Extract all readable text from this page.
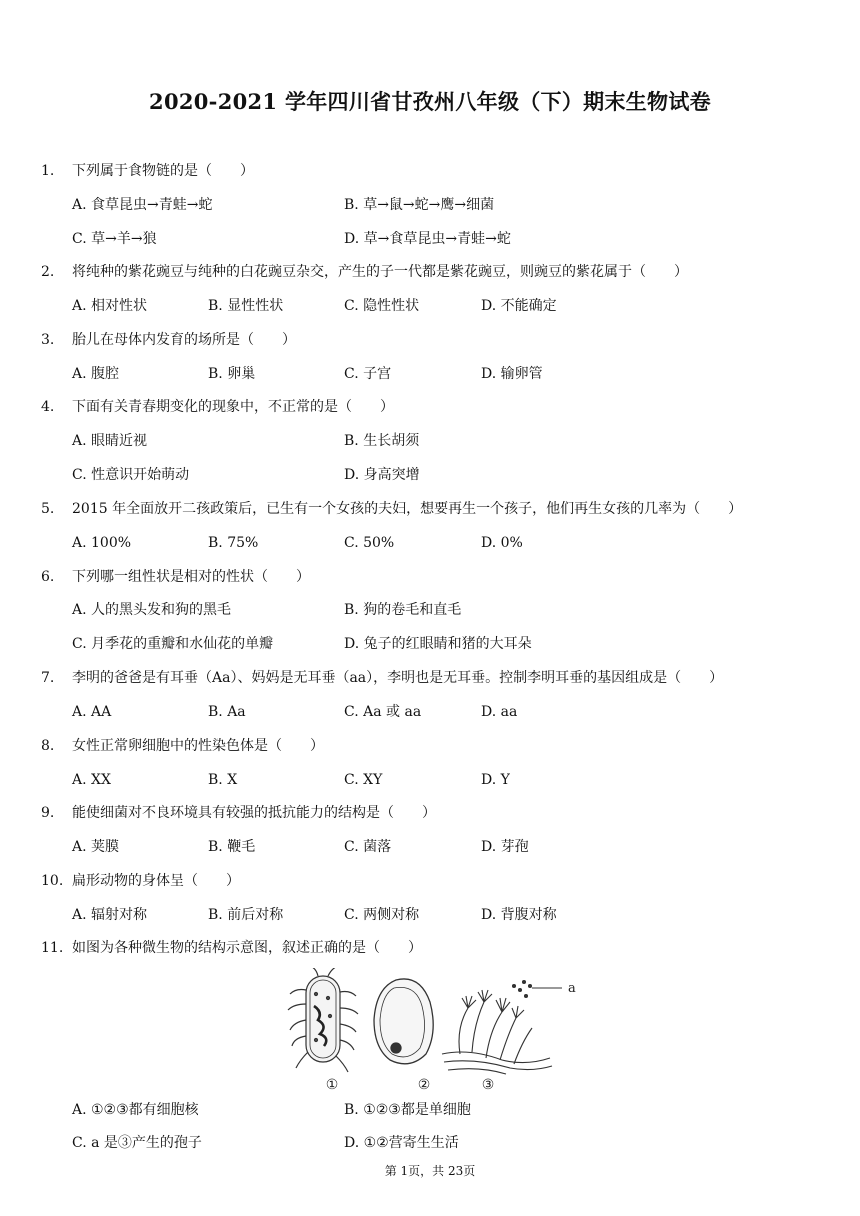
2020-2021 学年四川省甘孜州八年级（下）期末生物试卷
1. 下列属于食物链的是（　　）
A. 食草昆虫→青蛙→蛇	B. 草→鼠→蛇→鹰→细菌
C. 草→羊→狼	D. 草→食草昆虫→青蛙→蛇
2. 将纯种的紫花豌豆与纯种的白花豌豆杂交，产生的子一代都是紫花豌豆，则豌豆的紫花属于（　　）
A. 相对性状	B. 显性性状	C. 隐性性状	D. 不能确定
3. 胎儿在母体内发育的场所是（　　）
A. 腹腔	B. 卵巢	C. 子宫	D. 输卵管
4. 下面有关青春期变化的现象中，不正常的是（　　）
A. 眼睛近视	B. 生长胡须
C. 性意识开始萌动	D. 身高突增
5. 2015 年全面放开二孩政策后，已生有一个女孩的夫妇，想要再生一个孩子，他们再生女孩的几率为（　　）
A. 100%	B. 75%	C. 50%	D. 0%
6. 下列哪一组性状是相对的性状（　　）
A. 人的黑头发和狗的黑毛	B. 狗的卷毛和直毛
C. 月季花的重瓣和水仙花的单瓣	D. 兔子的红眼睛和猪的大耳朵
7. 李明的爸爸是有耳垂（Aa）、妈妈是无耳垂（aa），李明也是无耳垂。控制李明耳垂的基因组成是（　　）
A. AA	B. Aa	C. Aa 或 aa	D. aa
8. 女性正常卵细胞中的性染色体是（　　）
A. XX	B. X	C. XY	D. Y
9. 能使细菌对不良环境具有较强的抵抗能力的结构是（　　）
A. 荚膜	B. 鞭毛	C. 菌落	D. 芽孢
10. 扁形动物的身体呈（　　）
A. 辐射对称	B. 前后对称	C. 两侧对称	D. 背腹对称
11. 如图为各种微生物的结构示意图，叙述正确的是（　　）
①	②
a
③
A. ①②③都有细胞核	B. ①②③都是单细胞
C. a 是③产生的孢子	D. ①②营寄生生活
第 1页，共 23页
